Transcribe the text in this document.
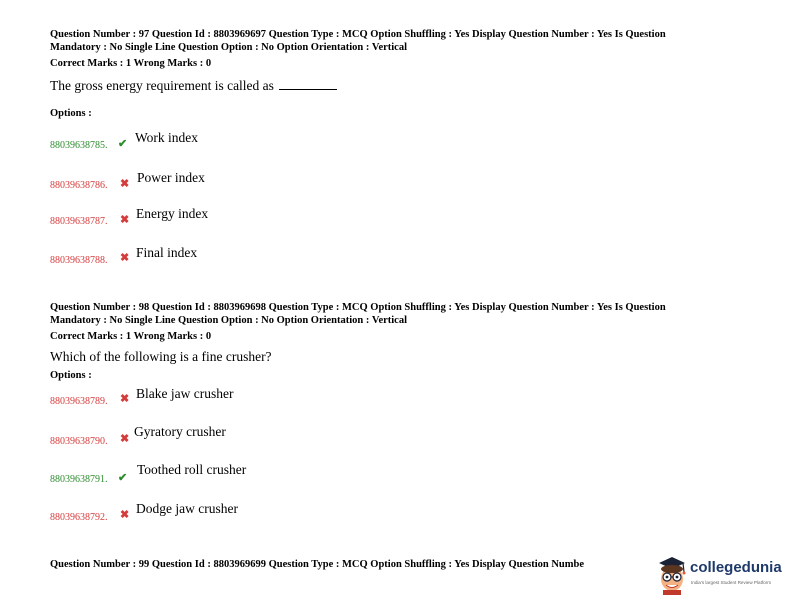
Question Number : 97 Question Id : 8803969697 Question Type : MCQ Option Shuffling : Yes Display Question Number : Yes Is Question
Mandatory : No Single Line Question Option : No Option Orientation : Vertical
Correct Marks : 1 Wrong Marks : 0
The gross energy requirement is called as
Options :
88039638785. ✔ Work index
88039638786. ✖ Power index
88039638787. ✖ Energy index
88039638788. ✖ Final index
Question Number : 98 Question Id : 8803969698 Question Type : MCQ Option Shuffling : Yes Display Question Number : Yes Is Question
Mandatory : No Single Line Question Option : No Option Orientation : Vertical
Correct Marks : 1 Wrong Marks : 0
Which of the following is a fine crusher?
Options :
88039638789. ✖ Blake jaw crusher
88039638790. ✖ Gyratory crusher
88039638791. ✔
Toothed roll crusher
88039638792. ✖ Dodge jaw crusher
Question Number : 99 Question Id : 8803969699 Question Type : MCQ Option Shuffling : Yes Display Question Numbe	collegedunia
India's largest Student Review Platform
